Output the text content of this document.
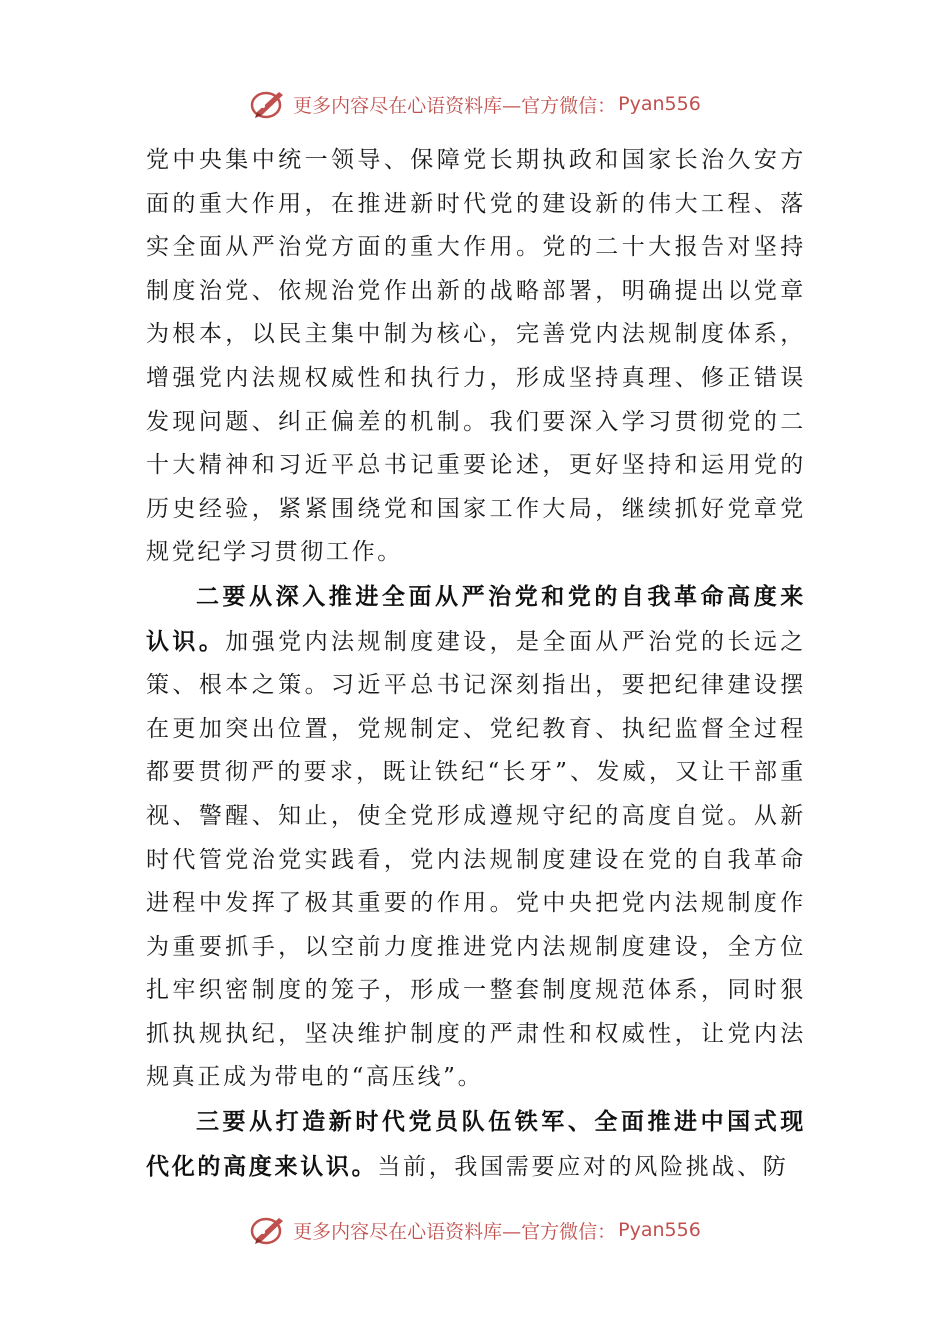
更多内容尽在心语资料库—官方微信： Pyan556

党中央集中统一领导、保障党长期执政和国家长治久安方面的重大作用，在推进新时代党的建设新的伟大工程、落实全面从严治党方面的重大作用。党的二十大报告对坚持制度治党、依规治党作出新的战略部署，明确提出以党章为根本，以民主集中制为核心，完善党内法规制度体系，增强党内法规权威性和执行力，形成坚持真理、修正错误发现问题、纠正偏差的机制。我们要深入学习贯彻党的二十大精神和习近平总书记重要论述，更好坚持和运用党的历史经验，紧紧围绕党和国家工作大局，继续抓好党章党规党纪学习贯彻工作。

二要从深入推进全面从严治党和党的自我革命高度来认识。加强党内法规制度建设，是全面从严治党的长远之策、根本之策。习近平总书记深刻指出，要把纪律建设摆在更加突出位置，党规制定、党纪教育、执纪监督全过程都要贯彻严的要求，既让铁纪“长牙”、发威，又让干部重视、警醒、知止，使全党形成遵规守纪的高度自觉。从新时代管党治党实践看，党内法规制度建设在党的自我革命进程中发挥了极其重要的作用。党中央把党内法规制度作为重要抓手，以空前力度推进党内法规制度建设，全方位扎牢织密制度的笼子，形成一整套制度规范体系，同时狠抓执规执纪，坚决维护制度的严肃性和权威性，让党内法规真正成为带电的“高压线”。

三要从打造新时代党员队伍铁军、全面推进中国式现代化的高度来认识。当前，我国需要应对的风险挑战、防

更多内容尽在心语资料库—官方微信： Pyan556
